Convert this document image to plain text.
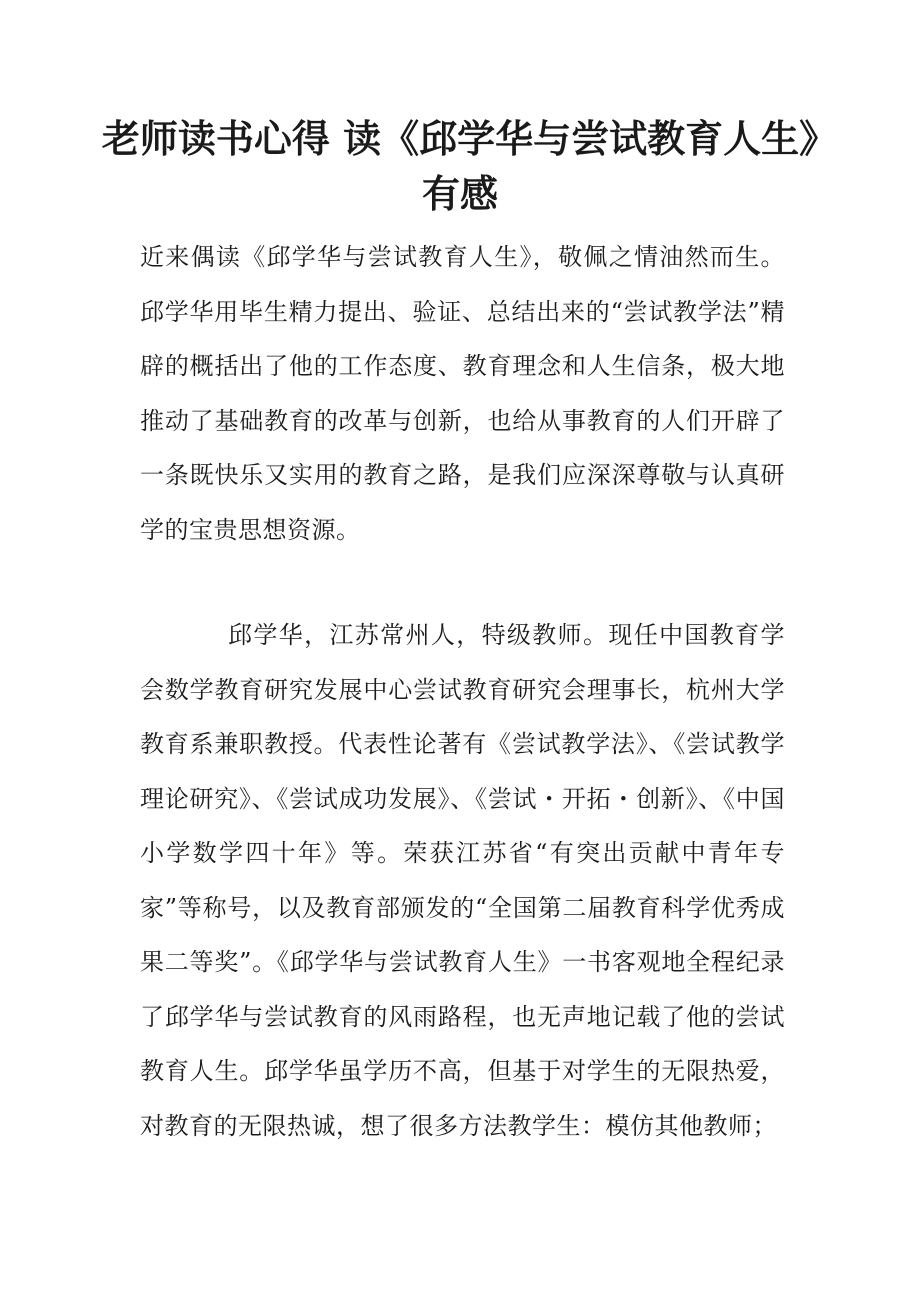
老师读书心得 读《邱学华与尝试教育人生》有感

近来偶读《邱学华与尝试教育人生》，敬佩之情油然而生。邱学华用毕生精力提出、验证、总结出来的“尝试教学法”精辟的概括出了他的工作态度、教育理念和人生信条，极大地推动了基础教育的改革与创新，也给从事教育的人们开辟了一条既快乐又实用的教育之路，是我们应深深尊敬与认真研学的宝贵思想资源。

邱学华，江苏常州人，特级教师。现任中国教育学会数学教育研究发展中心尝试教育研究会理事长，杭州大学教育系兼职教授。代表性论著有《尝试教学法》、《尝试教学理论研究》、《尝试成功发展》、《尝试・开拓・创新》、《中国小学数学四十年》等。荣获江苏省“有突出贡献中青年专家”等称号，以及教育部颁发的“全国第二届教育科学优秀成果二等奖”。《邱学华与尝试教育人生》一书客观地全程纪录了邱学华与尝试教育的风雨路程，也无声地记载了他的尝试教育人生。邱学华虽学历不高，但基于对学生的无限热爱，对教育的无限热诚，想了很多方法教学生：模仿其他教师；
